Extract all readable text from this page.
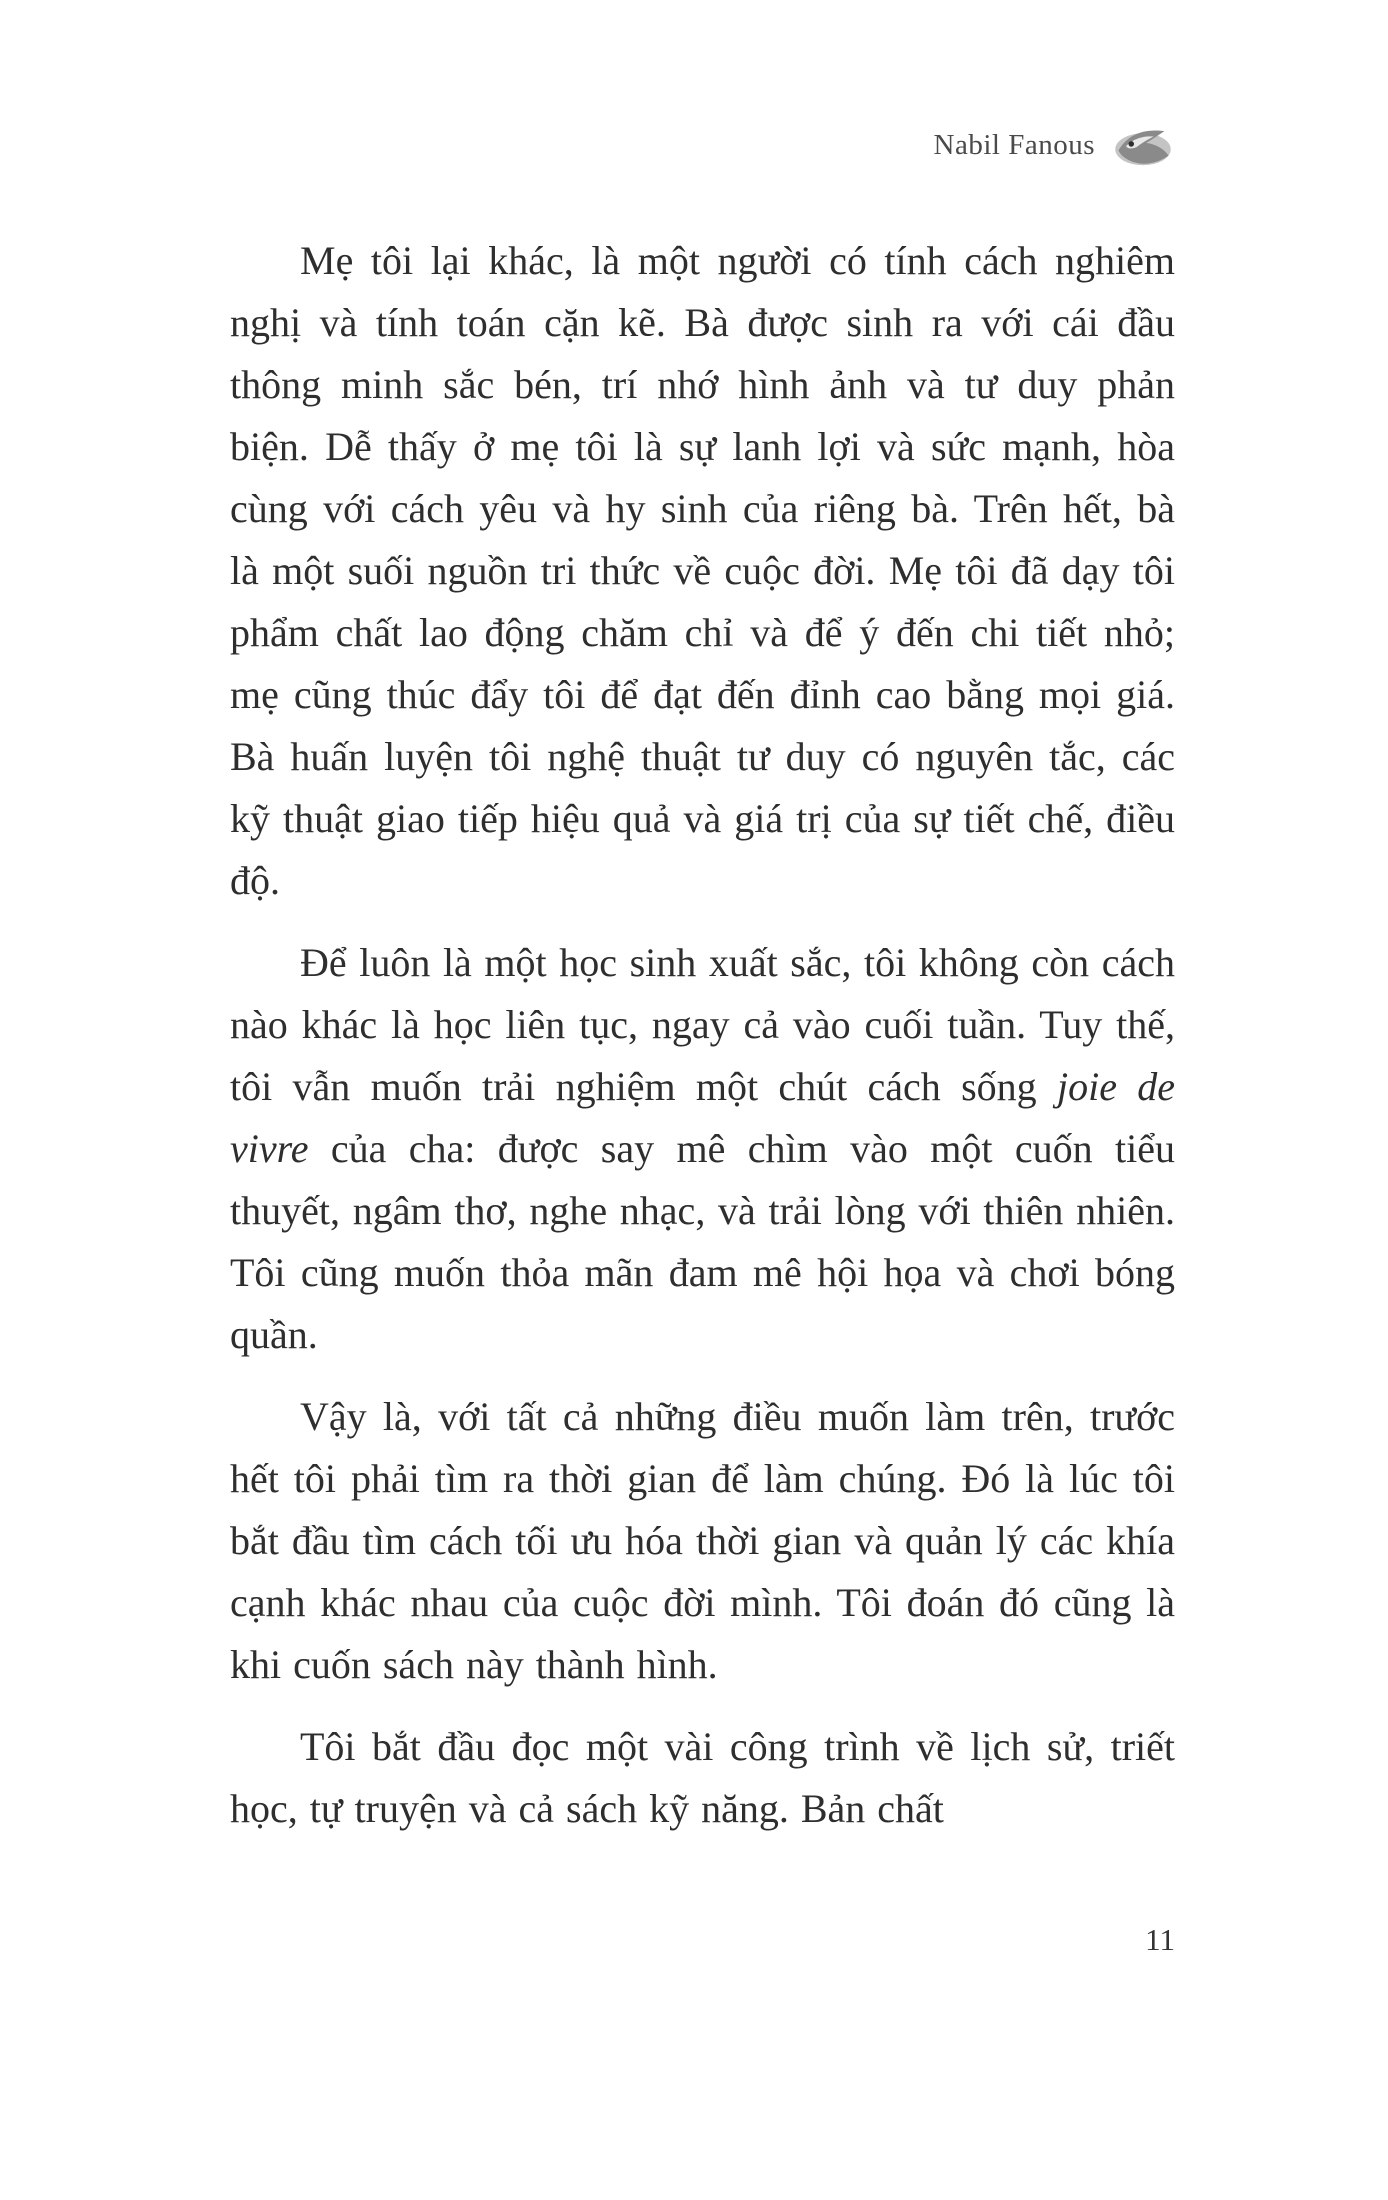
Nabil Fanous

Mẹ tôi lại khác, là một người có tính cách nghiêm nghị và tính toán cặn kẽ. Bà được sinh ra với cái đầu thông minh sắc bén, trí nhớ hình ảnh và tư duy phản biện. Dễ thấy ở mẹ tôi là sự lanh lợi và sức mạnh, hòa cùng với cách yêu và hy sinh của riêng bà. Trên hết, bà là một suối nguồn tri thức về cuộc đời. Mẹ tôi đã dạy tôi phẩm chất lao động chăm chỉ và để ý đến chi tiết nhỏ; mẹ cũng thúc đẩy tôi để đạt đến đỉnh cao bằng mọi giá. Bà huấn luyện tôi nghệ thuật tư duy có nguyên tắc, các kỹ thuật giao tiếp hiệu quả và giá trị của sự tiết chế, điều độ.

Để luôn là một học sinh xuất sắc, tôi không còn cách nào khác là học liên tục, ngay cả vào cuối tuần. Tuy thế, tôi vẫn muốn trải nghiệm một chút cách sống joie de vivre của cha: được say mê chìm vào một cuốn tiểu thuyết, ngâm thơ, nghe nhạc, và trải lòng với thiên nhiên. Tôi cũng muốn thỏa mãn đam mê hội họa và chơi bóng quần.

Vậy là, với tất cả những điều muốn làm trên, trước hết tôi phải tìm ra thời gian để làm chúng. Đó là lúc tôi bắt đầu tìm cách tối ưu hóa thời gian và quản lý các khía cạnh khác nhau của cuộc đời mình. Tôi đoán đó cũng là khi cuốn sách này thành hình.

Tôi bắt đầu đọc một vài công trình về lịch sử, triết học, tự truyện và cả sách kỹ năng. Bản chất

11
